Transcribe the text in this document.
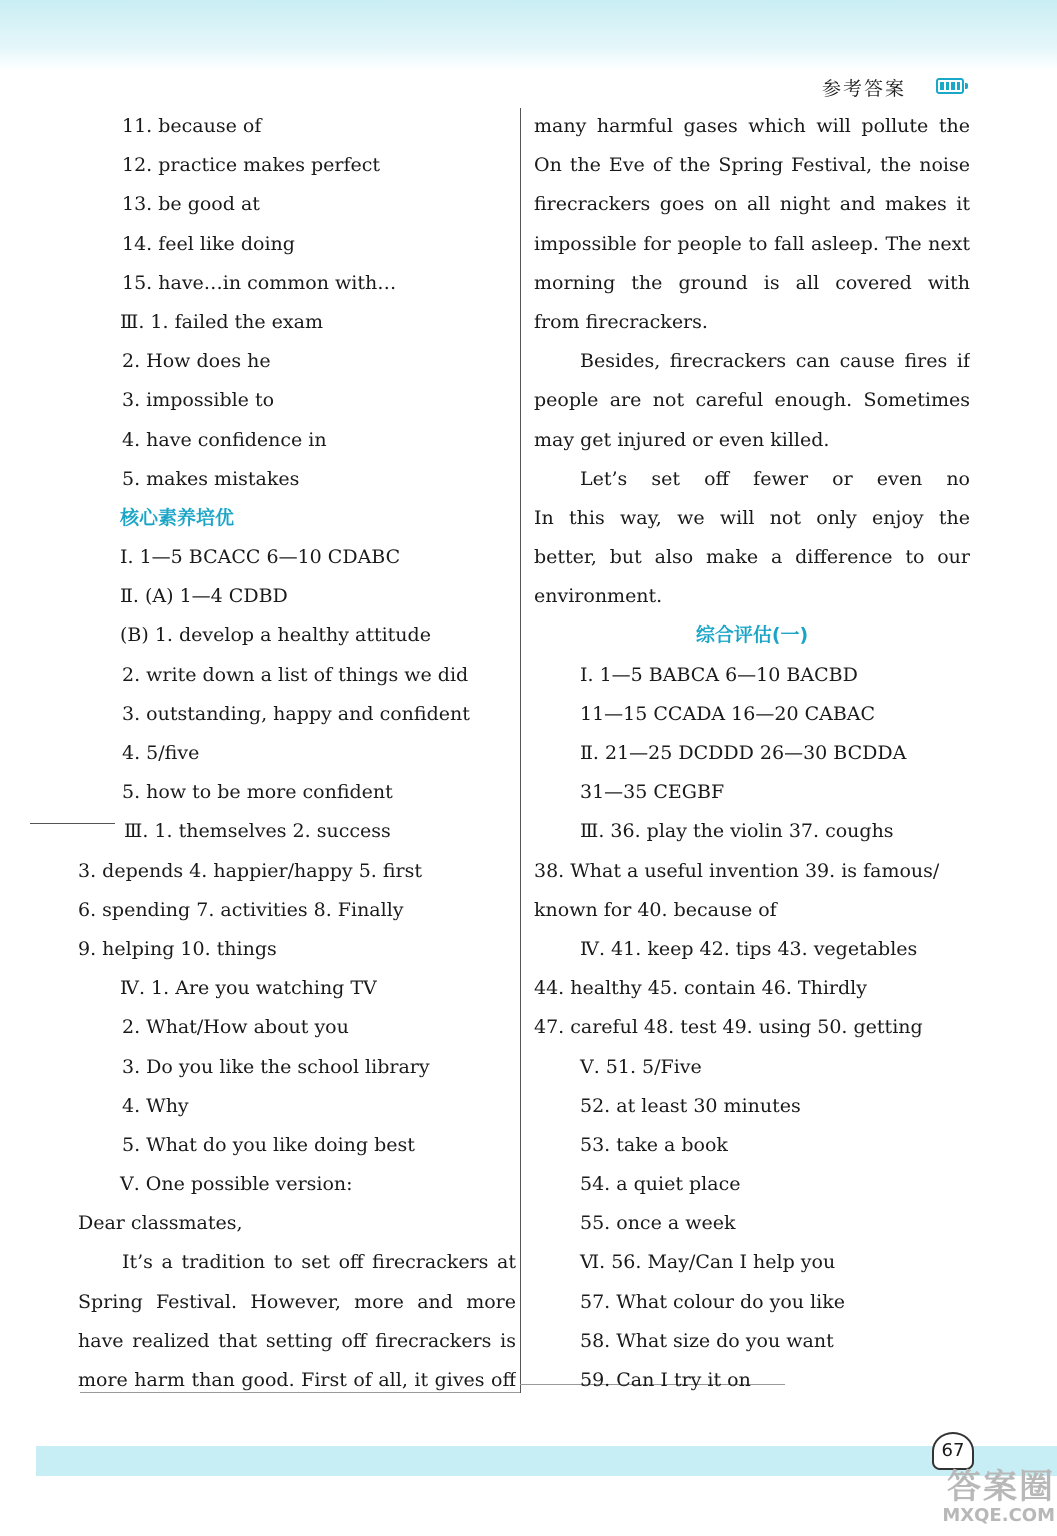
参考答案
11. because of
12. practice makes perfect
13. be good at
14. feel like doing
15. have…in common with…
Ⅲ. 1. failed the exam
2. How does he
3. impossible to
4. have confidence in
5. makes mistakes
核心素养培优
Ⅰ. 1—5 BCACC 6—10 CDABC
Ⅱ. (A) 1—4 CDBD
(B) 1. develop a healthy attitude
2. write down a list of things we did
3. outstanding, happy and confident
4. 5/five
5. how to be more confident
Ⅲ. 1. themselves 2. success
3. depends 4. happier/happy 5. first
6. spending 7. activities 8. Finally
9. helping 10. things
Ⅳ. 1. Are you watching TV
2. What/How about you
3. Do you like the school library
4. Why
5. What do you like doing best
Ⅴ. One possible version:
Dear classmates,
It’s a tradition to set off firecrackers at
Spring Festival. However, more and more
have realized that setting off firecrackers is
more harm than good. First of all, it gives off
many harmful gases which will pollute the
On the Eve of the Spring Festival, the noise
firecrackers goes on all night and makes it
impossible for people to fall asleep. The next
morning the ground is all covered with
from firecrackers.
Besides, firecrackers can cause fires if
people are not careful enough. Sometimes
may get injured or even killed.
Let’s set off fewer or even no
In this way, we will not only enjoy the
better, but also make a difference to our
environment.
综合评估(一)
Ⅰ. 1—5 BABCA 6—10 BACBD
11—15 CCADA 16—20 CABAC
Ⅱ. 21—25 DCDDD 26—30 BCDDA
31—35 CEGBF
Ⅲ. 36. play the violin 37. coughs
38. What a useful invention 39. is famous/
known for 40. because of
Ⅳ. 41. keep 42. tips 43. vegetables
44. healthy 45. contain 46. Thirdly
47. careful 48. test 49. using 50. getting
Ⅴ. 51. 5/Five
52. at least 30 minutes
53. take a book
54. a quiet place
55. once a week
Ⅵ. 56. May/Can I help you
57. What colour do you like
58. What size do you want
59. Can I try it on
67
答案圈
MXQE.COM
